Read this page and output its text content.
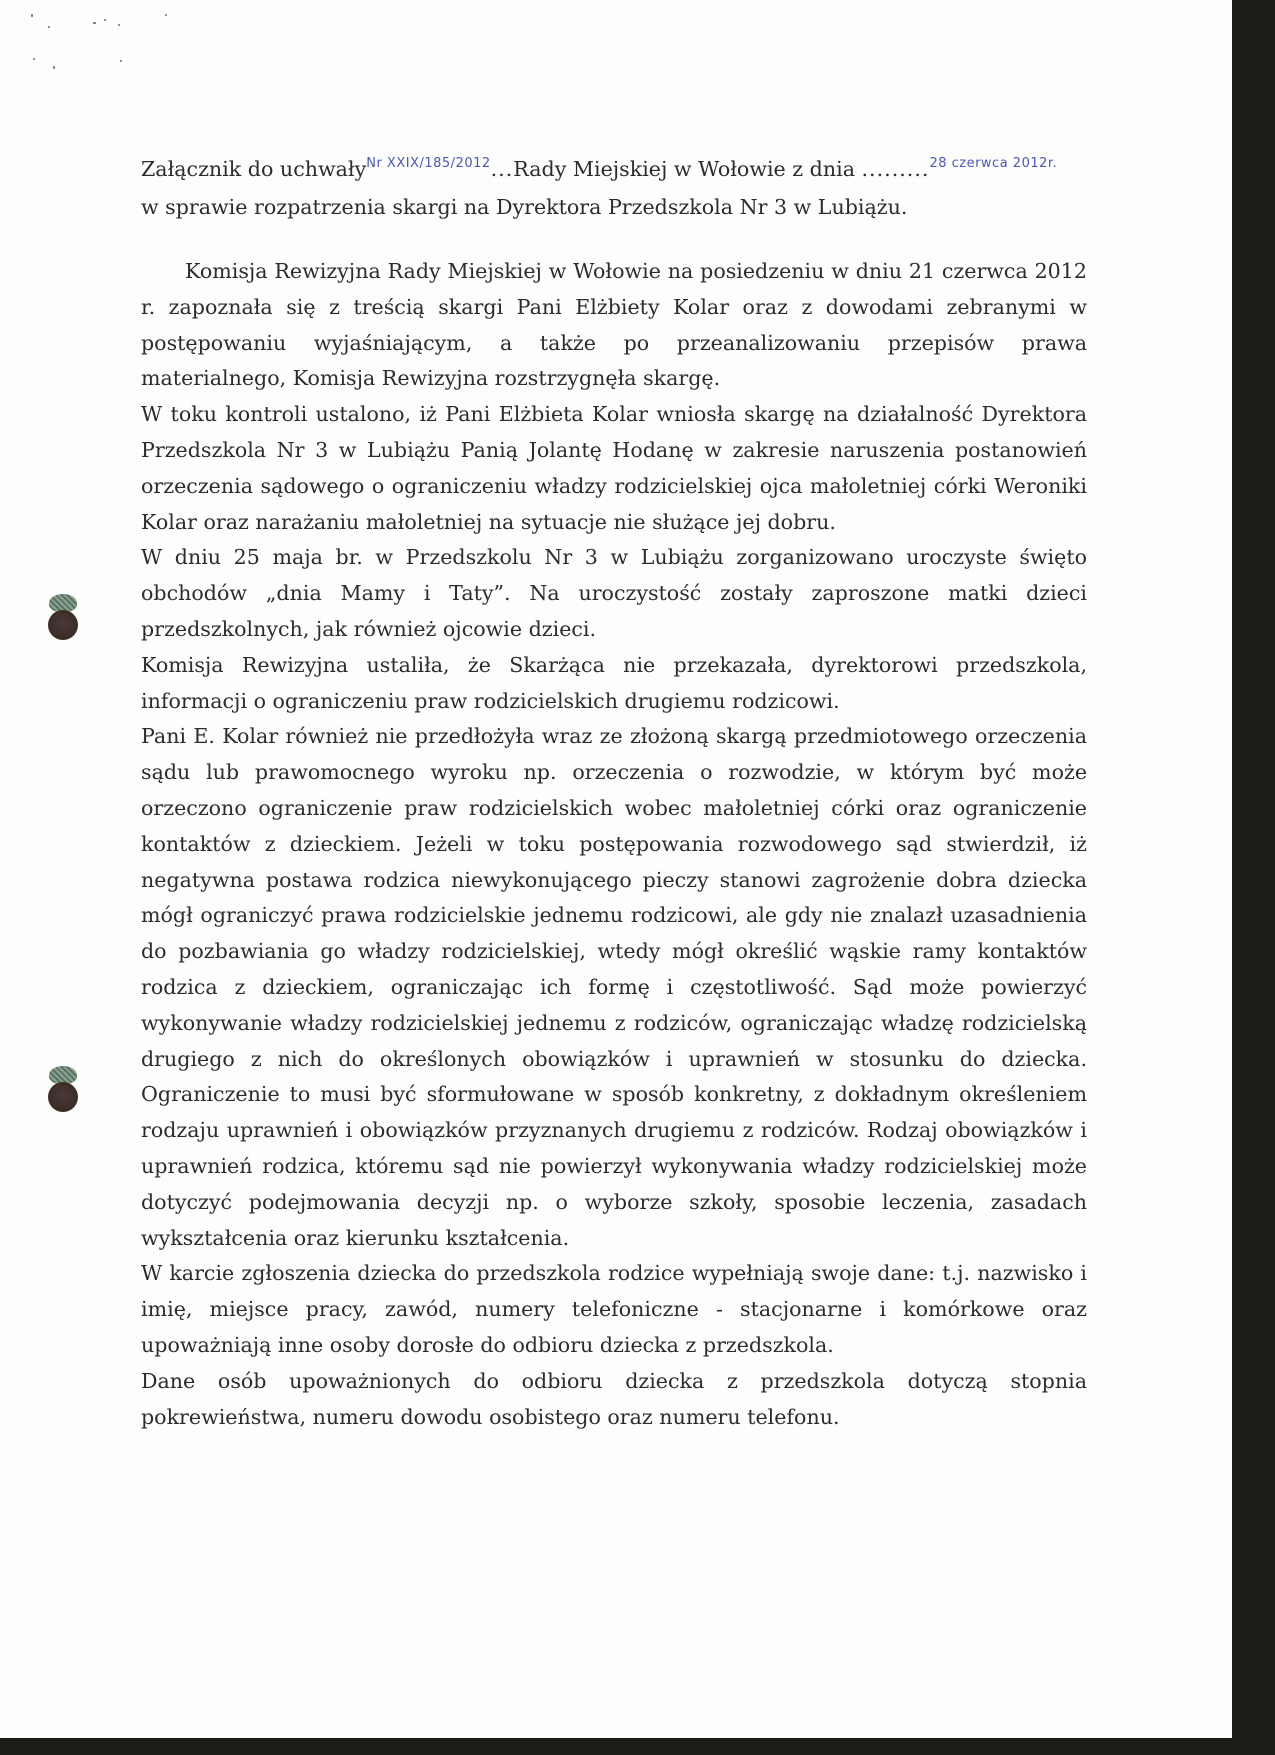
Załącznik do uchwały$^{Nr XXIX/185/2012}$...Rady Miejskiej w Wołowie z dnia .........$^{28 czerwca 2012r.}$
w sprawie rozpatrzenia skargi na Dyrektora Przedszkola Nr 3 w Lubiążu.

Komisja Rewizyjna Rady Miejskiej w Wołowie na posiedzeniu w dniu 21 czerwca 2012 r. zapoznała się z treścią skargi Pani Elżbiety Kolar oraz z dowodami zebranymi w postępowaniu wyjaśniającym, a także po przeanalizowaniu przepisów prawa materialnego, Komisja Rewizyjna rozstrzygnęła skargę.

W toku kontroli ustalono, iż Pani Elżbieta Kolar wniosła skargę na działalność Dyrektora Przedszkola Nr 3 w Lubiążu Panią Jolantę Hodanę w zakresie naruszenia postanowień orzeczenia sądowego o ograniczeniu władzy rodzicielskiej ojca małoletniej córki Weroniki Kolar oraz narażaniu małoletniej na sytuacje nie służące jej dobru.

W dniu 25 maja br. w Przedszkolu Nr 3 w Lubiążu zorganizowano uroczyste święto obchodów „dnia Mamy i Taty”. Na uroczystość zostały zaproszone matki dzieci przedszkolnych, jak również ojcowie dzieci.

Komisja Rewizyjna ustaliła, że Skarżąca nie przekazała, dyrektorowi przedszkola, informacji o ograniczeniu praw rodzicielskich drugiemu rodzicowi.

Pani E. Kolar również nie przedłożyła wraz ze złożoną skargą przedmiotowego orzeczenia sądu lub prawomocnego wyroku np. orzeczenia o rozwodzie, w którym być może orzeczono ograniczenie praw rodzicielskich wobec małoletniej córki oraz ograniczenie kontaktów z dzieckiem. Jeżeli w toku postępowania rozwodowego sąd stwierdził, iż negatywna postawa rodzica niewykonującego pieczy stanowi zagrożenie dobra dziecka mógł ograniczyć prawa rodzicielskie jednemu rodzicowi, ale gdy nie znalazł uzasadnienia do pozbawiania go władzy rodzicielskiej, wtedy mógł określić wąskie ramy kontaktów rodzica z dzieckiem, ograniczając ich formę i częstotliwość. Sąd może powierzyć wykonywanie władzy rodzicielskiej jednemu z rodziców, ograniczając władzę rodzicielską drugiego z nich do określonych obowiązków i uprawnień w stosunku do dziecka. Ograniczenie to musi być sformułowane w sposób konkretny, z dokładnym określeniem rodzaju uprawnień i obowiązków przyznanych drugiemu z rodziców. Rodzaj obowiązków i uprawnień rodzica, któremu sąd nie powierzył wykonywania władzy rodzicielskiej może dotyczyć podejmowania decyzji np. o wyborze szkoły, sposobie leczenia, zasadach wykształcenia oraz kierunku kształcenia.

W karcie zgłoszenia dziecka do przedszkola rodzice wypełniają swoje dane: t.j. nazwisko i imię, miejsce pracy, zawód, numery telefoniczne - stacjonarne i komórkowe oraz upoważniają inne osoby dorosłe do odbioru dziecka z przedszkola.

Dane osób upoważnionych do odbioru dziecka z przedszkola dotyczą stopnia pokrewieństwa, numeru dowodu osobistego oraz numeru telefonu.
